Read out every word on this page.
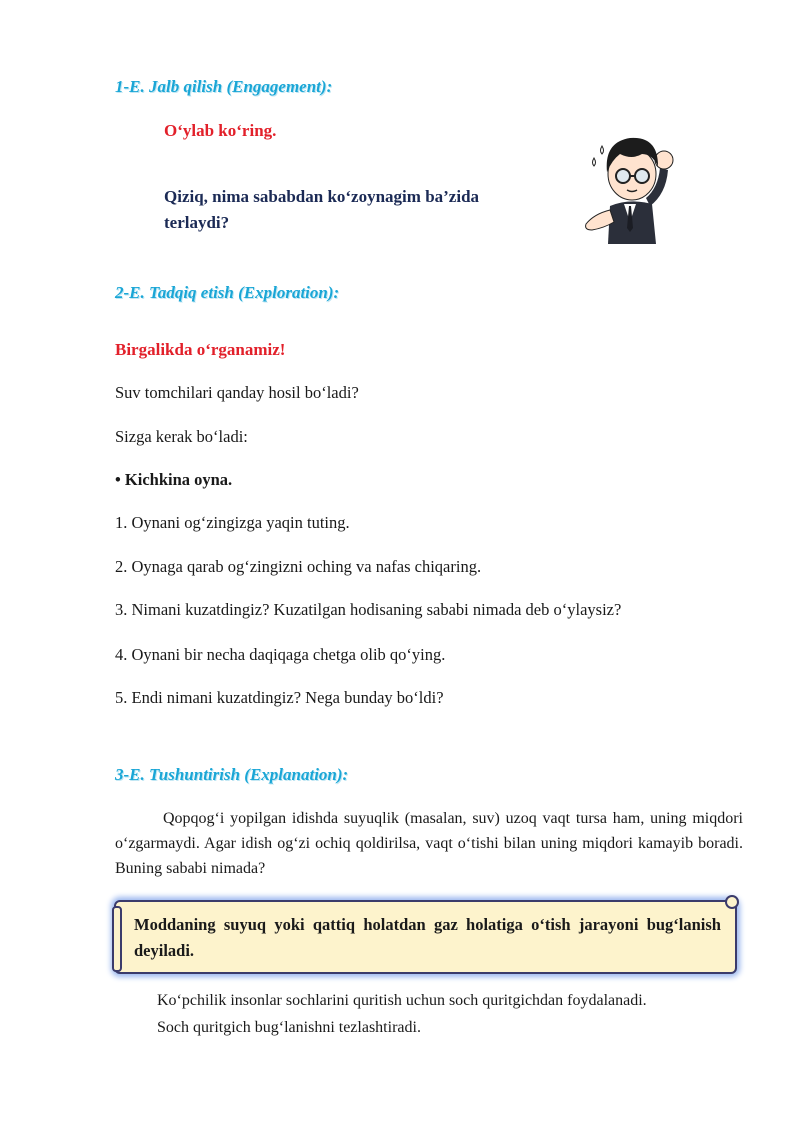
1-E. Jalb qilish (Engagement):
O‘ylab ko‘ring.
Qiziq, nima sababdan ko‘zoynagim ba’zida
terlaydi?
2-E. Tadqiq etish (Exploration):
Birgalikda o‘rganamiz!
Suv tomchilari qanday hosil bo‘ladi?
Sizga kerak bo‘ladi:
• Kichkina oyna.
1. Oynani og‘zingizga yaqin tuting.
2. Oynaga qarab og‘zingizni oching va nafas chiqaring.
3. Nimani kuzatdingiz? Kuzatilgan hodisaning sababi nimada deb o‘ylaysiz?
4. Oynani bir necha daqiqaga chetga olib qo‘ying.
5. Endi nimani kuzatdingiz? Nega bunday bo‘ldi?
3-E. Tushuntirish (Explanation):
Qopqog‘i yopilgan idishda suyuqlik (masalan, suv) uzoq vaqt tursa ham, uning miqdori o‘zgarmaydi. Agar idish og‘zi ochiq qoldirilsa, vaqt o‘tishi bilan uning miqdori kamayib boradi. Buning sababi nimada?
Moddaning suyuq yoki qattiq holatdan gaz holatiga o‘tish jarayoni bug‘lanish deyiladi.
Ko‘pchilik insonlar sochlarini quritish uchun soch quritgichdan foydalanadi.
Soch quritgich bug‘lanishni tezlashtiradi.
